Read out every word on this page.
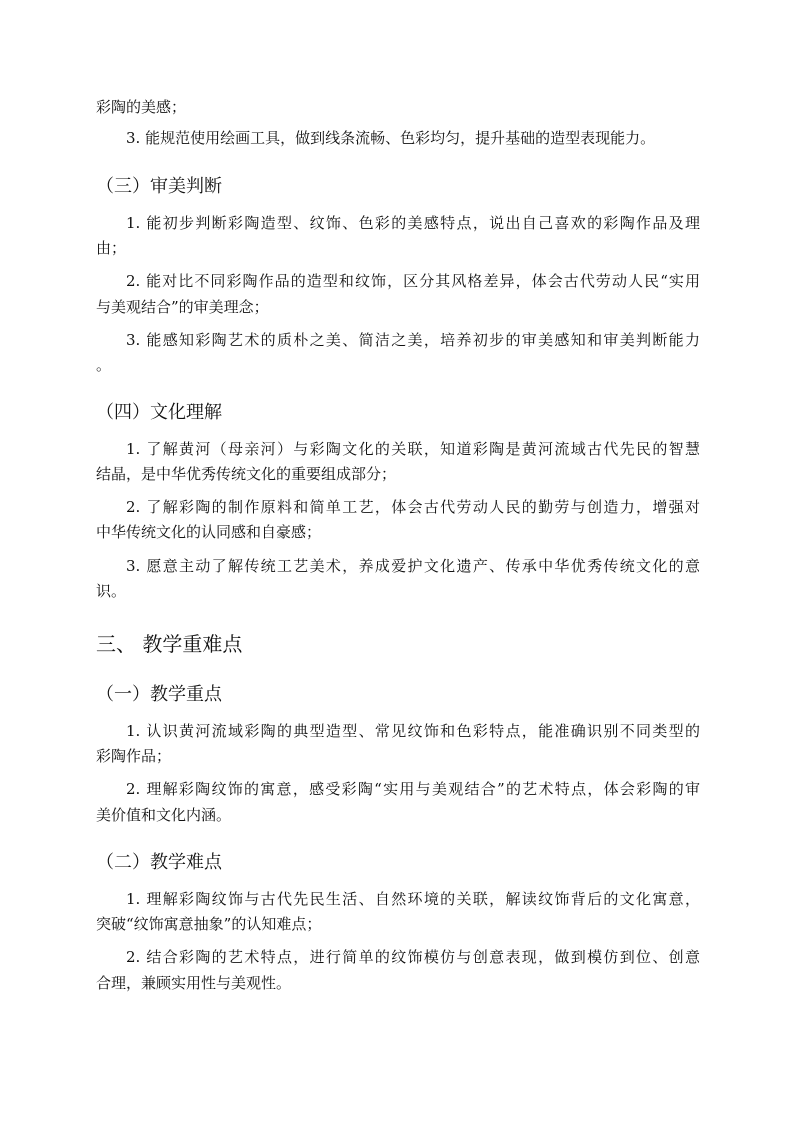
彩陶的美感；
3. 能规范使用绘画工具，做到线条流畅、色彩均匀，提升基础的造型表现能力。
（三）审美判断
1. 能初步判断彩陶造型、纹饰、色彩的美感特点，说出自己喜欢的彩陶作品及理
由；
2. 能对比不同彩陶作品的造型和纹饰，区分其风格差异，体会古代劳动人民“实用
与美观结合”的审美理念；
3. 能感知彩陶艺术的质朴之美、简洁之美，培养初步的审美感知和审美判断能力
。
（四）文化理解
1. 了解黄河（母亲河）与彩陶文化的关联，知道彩陶是黄河流域古代先民的智慧
结晶，是中华优秀传统文化的重要组成部分；
2. 了解彩陶的制作原料和简单工艺，体会古代劳动人民的勤劳与创造力，增强对
中华传统文化的认同感和自豪感；
3. 愿意主动了解传统工艺美术，养成爱护文化遗产、传承中华优秀传统文化的意
识。
三、 教学重难点
（一）教学重点
1. 认识黄河流域彩陶的典型造型、常见纹饰和色彩特点，能准确识别不同类型的
彩陶作品；
2. 理解彩陶纹饰的寓意，感受彩陶“实用与美观结合”的艺术特点，体会彩陶的审
美价值和文化内涵。
（二）教学难点
1. 理解彩陶纹饰与古代先民生活、自然环境的关联，解读纹饰背后的文化寓意，
突破“纹饰寓意抽象”的认知难点；
2. 结合彩陶的艺术特点，进行简单的纹饰模仿与创意表现，做到模仿到位、创意
合理，兼顾实用性与美观性。
